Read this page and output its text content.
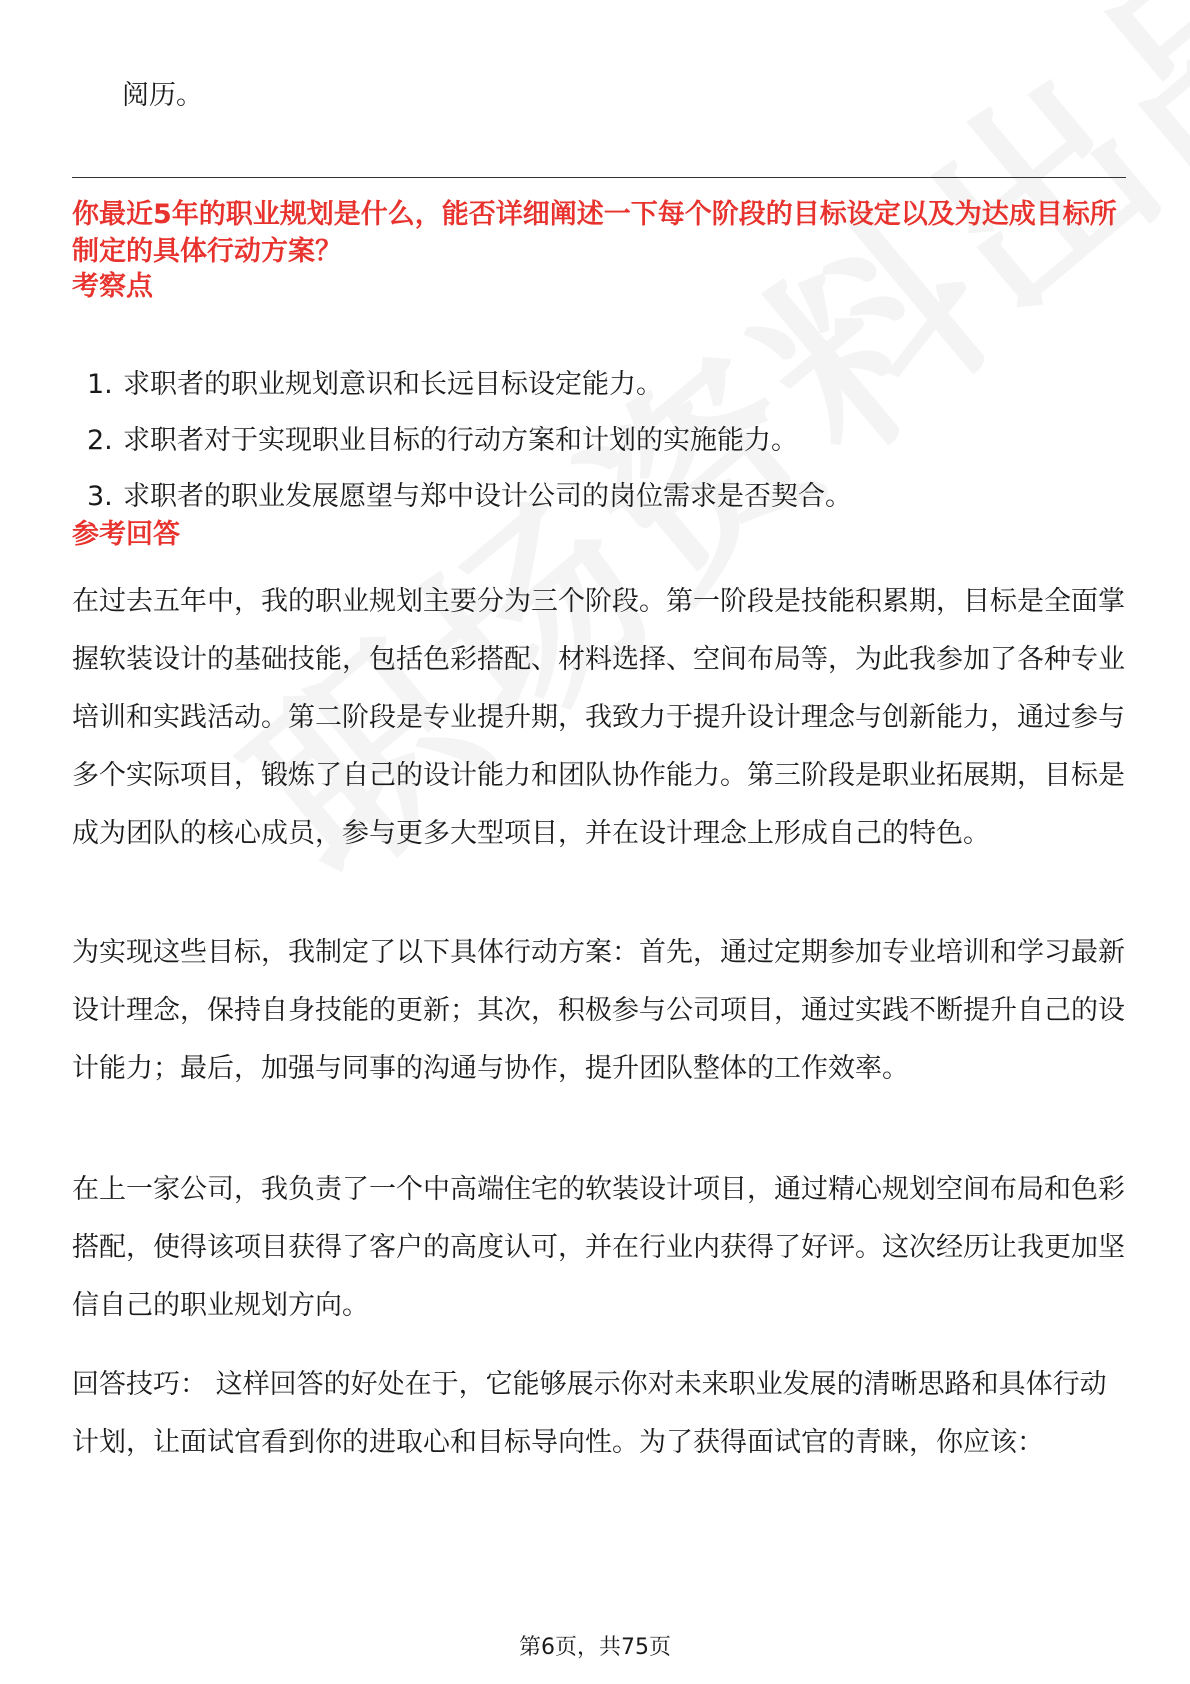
阅历。
你最近5年的职业规划是什么，能否详细阐述一下每个阶段的目标设定以及为达成目标所制定的具体行动方案？
考察点
1. 求职者的职业规划意识和长远目标设定能力。
2. 求职者对于实现职业目标的行动方案和计划的实施能力。
3. 求职者的职业发展愿望与郑中设计公司的岗位需求是否契合。
参考回答

在过去五年中，我的职业规划主要分为三个阶段。第一阶段是技能积累期，目标是全面掌握软装设计的基础技能，包括色彩搭配、材料选择、空间布局等，为此我参加了各种专业培训和实践活动。第二阶段是专业提升期，我致力于提升设计理念与创新能力，通过参与多个实际项目，锻炼了自己的设计能力和团队协作能力。第三阶段是职业拓展期，目标是成为团队的核心成员，参与更多大型项目，并在设计理念上形成自己的特色。

为实现这些目标，我制定了以下具体行动方案：首先，通过定期参加专业培训和学习最新设计理念，保持自身技能的更新；其次，积极参与公司项目，通过实践不断提升自己的设计能力；最后，加强与同事的沟通与协作，提升团队整体的工作效率。

在上一家公司，我负责了一个中高端住宅的软装设计项目，通过精心规划空间布局和色彩搭配，使得该项目获得了客户的高度认可，并在行业内获得了好评。这次经历让我更加坚信自己的职业规划方向。

回答技巧： 这样回答的好处在于，它能够展示你对未来职业发展的清晰思路和具体行动计划，让面试官看到你的进取心和目标导向性。为了获得面试官的青睐，你应该：

第6页，共75页
